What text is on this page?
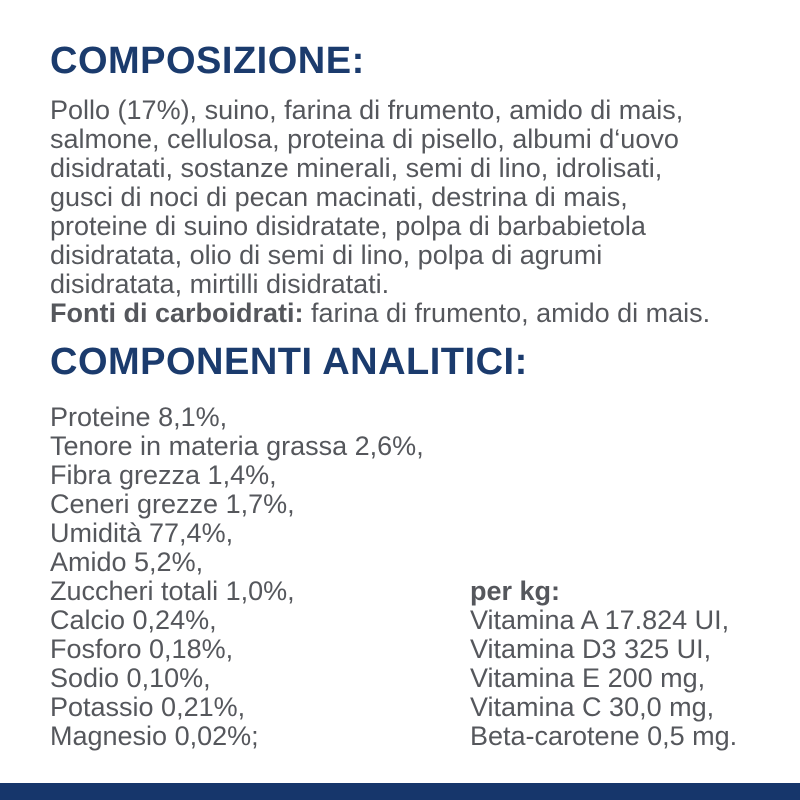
COMPOSIZIONE:
Pollo (17%), suino, farina di frumento, amido di mais,
salmone, cellulosa, proteina di pisello, albumi d‘uovo
disidratati, sostanze minerali, semi di lino, idrolisati,
gusci di noci di pecan macinati, destrina di mais,
proteine di suino disidratate, polpa di barbabietola
disidratata, olio di semi di lino, polpa di agrumi
disidratata, mirtilli disidratati.
Fonti di carboidrati: farina di frumento, amido di mais.
COMPONENTI ANALITICI:
Proteine 8,1%,
Tenore in materia grassa 2,6%,
Fibra grezza 1,4%,
Ceneri grezze 1,7%,
Umidità 77,4%,
Amido 5,2%,
Zuccheri totali 1,0%,
Calcio 0,24%,
Fosforo 0,18%,
Sodio 0,10%,
Potassio 0,21%,
Magnesio 0,02%;
per kg:
Vitamina A 17.824 UI,
Vitamina D3 325 UI,
Vitamina E 200 mg,
Vitamina C 30,0 mg,
Beta-carotene 0,5 mg.
